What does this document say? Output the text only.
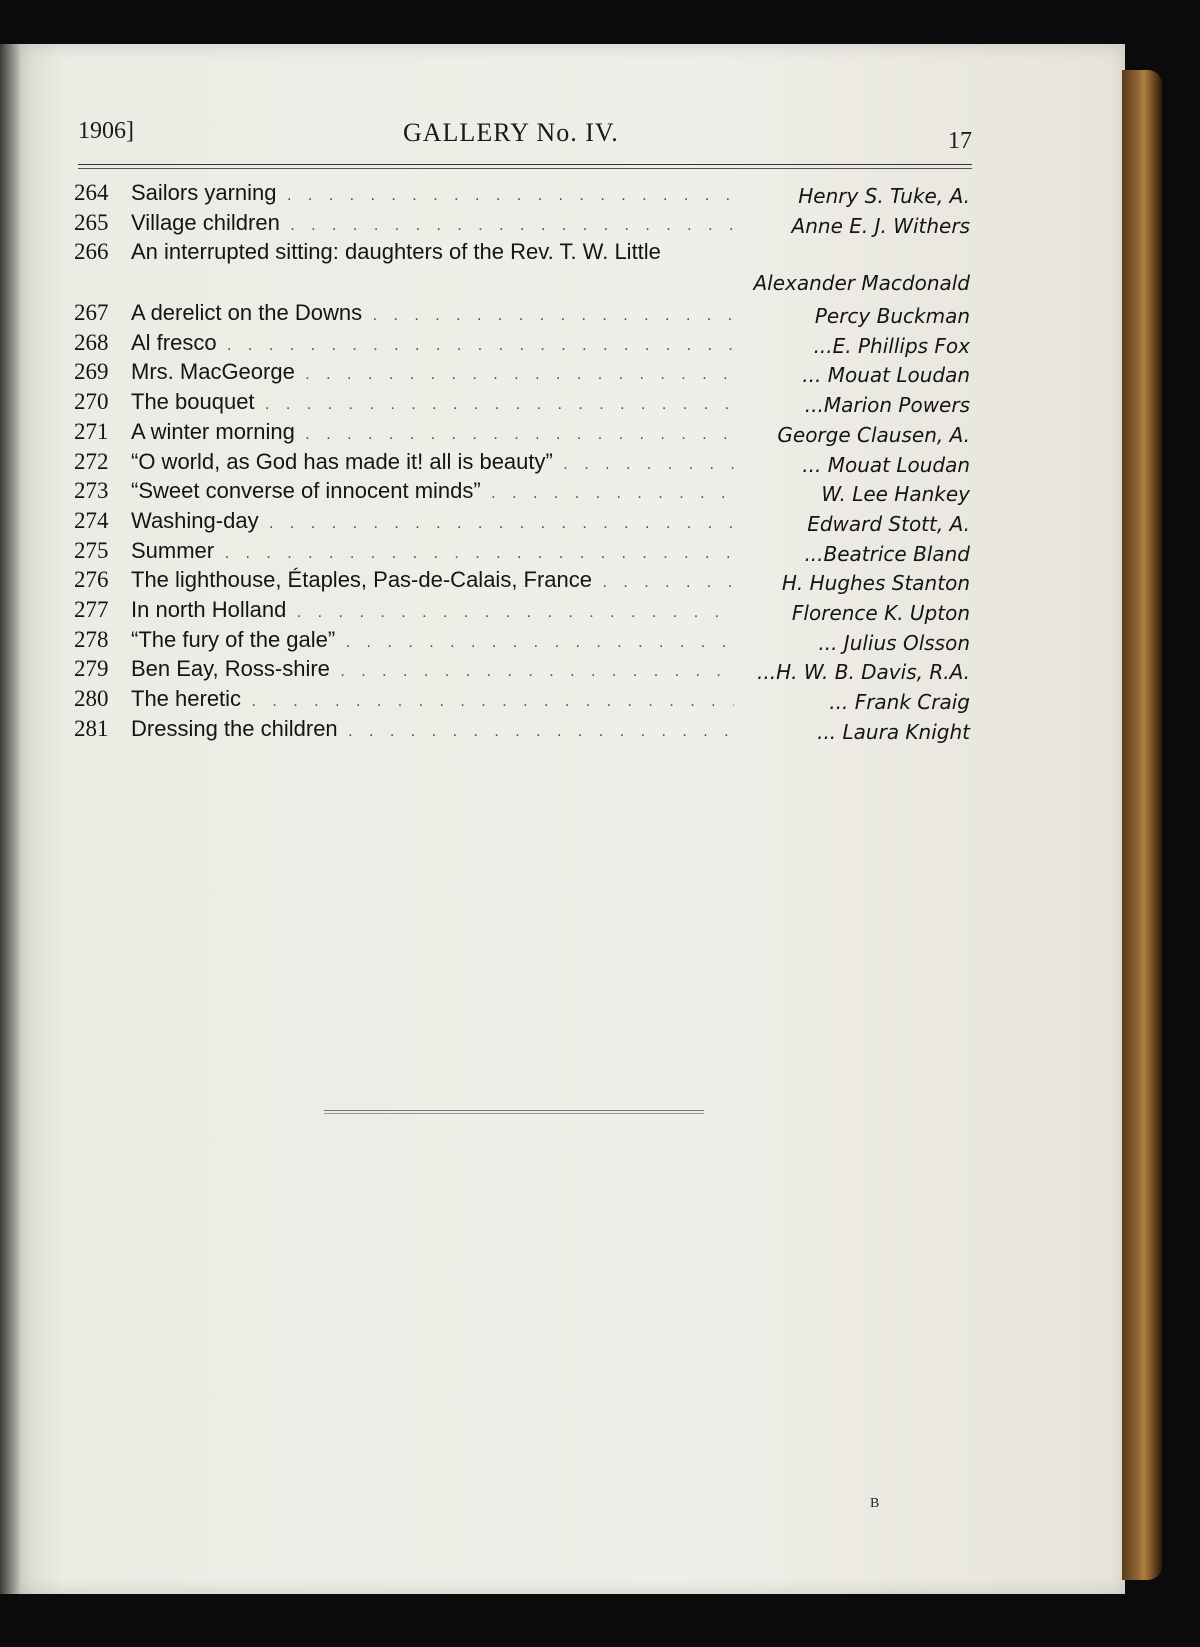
1906]	GALLERY No. IV.	17
264	Sailors yarning . . .	Henry S. Tuke, A.
265	Village children . . .	Anne E. J. Withers
266	An interrupted sitting: daughters of the Rev. T. W. Little
Alexander Macdonald
267	A derelict on the Downs . . .	Percy Buckman
268	Al fresco . . .	...E. Phillips Fox
269	Mrs. MacGeorge . . .	... Mouat Loudan
270	The bouquet . . .	...Marion Powers
271	A winter morning . . .	George Clausen, A.
272	“O world, as God has made it! all is beauty” . . .	... Mouat Loudan
273	“Sweet converse of innocent minds” . . .	W. Lee Hankey
274	Washing-day . . .	Edward Stott, A.
275	Summer . . .	...Beatrice Bland
276	The lighthouse, Étaples, Pas-de-Calais, France . . .	H. Hughes Stanton
277	In north Holland . . .	Florence K. Upton
278	“The fury of the gale” . . .	... Julius Olsson
279	Ben Eay, Ross-shire . . .	...H. W. B. Davis, R.A.
280	The heretic . . .	... Frank Craig
281	Dressing the children . . .	... Laura Knight
B
